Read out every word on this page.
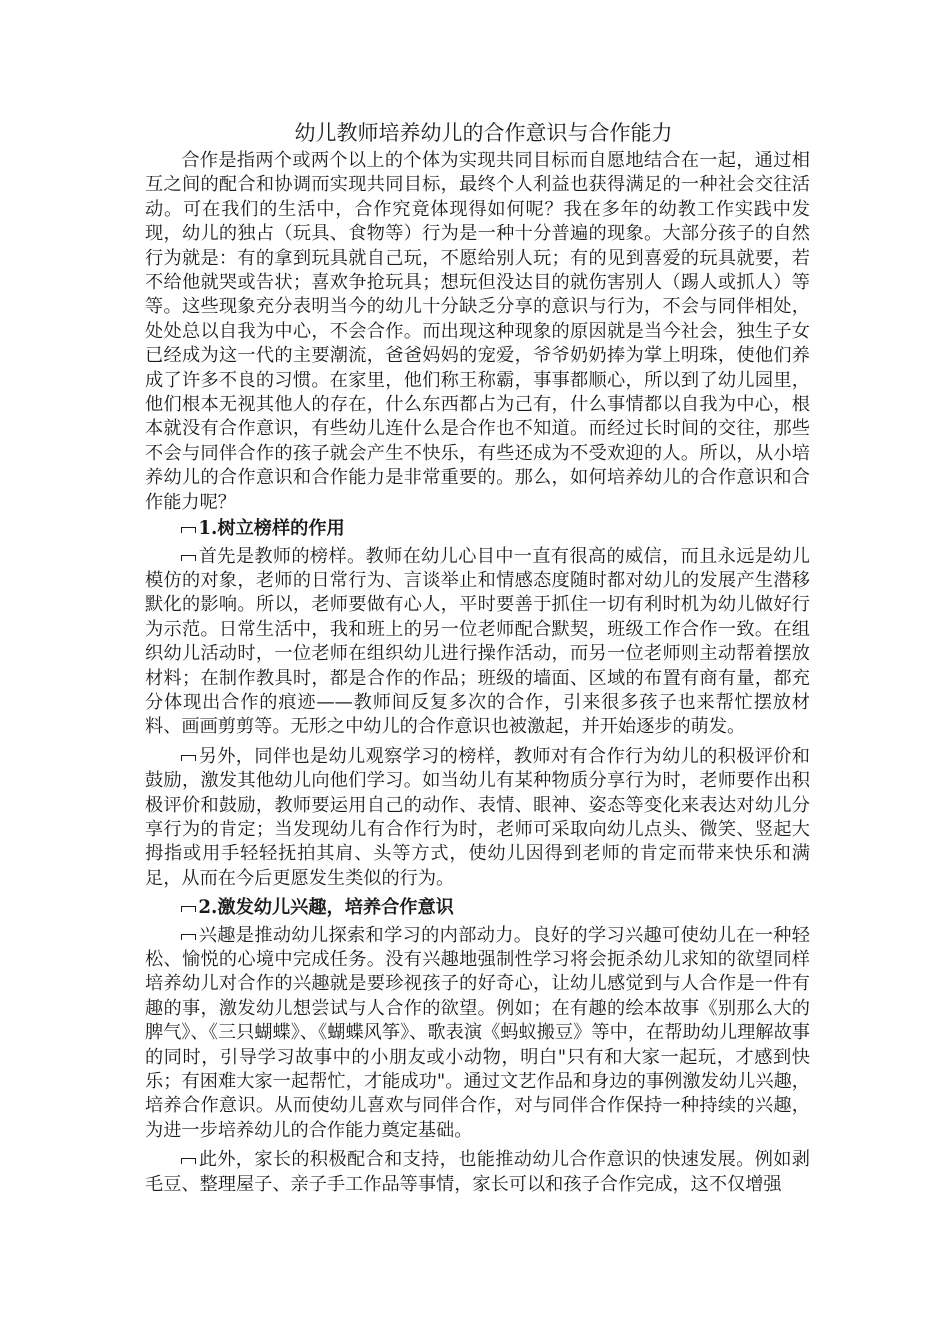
幼儿教师培养幼儿的合作意识与合作能力

合作是指两个或两个以上的个体为实现共同目标而自愿地结合在一起，通过相互之间的配合和协调而实现共同目标，最终个人利益也获得满足的一种社会交往活动。可在我们的生活中，合作究竟体现得如何呢？我在多年的幼教工作实践中发现，幼儿的独占（玩具、食物等）行为是一种十分普遍的现象。大部分孩子的自然行为就是：有的拿到玩具就自己玩，不愿给别人玩；有的见到喜爱的玩具就要，若不给他就哭或告状；喜欢争抢玩具；想玩但没达目的就伤害别人（踢人或抓人）等等。这些现象充分表明当今的幼儿十分缺乏分享的意识与行为，不会与同伴相处，处处总以自我为中心，不会合作。而出现这种现象的原因就是当今社会，独生子女已经成为这一代的主要潮流，爸爸妈妈的宠爱，爷爷奶奶捧为掌上明珠，使他们养成了许多不良的习惯。在家里，他们称王称霸，事事都顺心，所以到了幼儿园里，他们根本无视其他人的存在，什么东西都占为己有，什么事情都以自我为中心，根本就没有合作意识，有些幼儿连什么是合作也不知道。而经过长时间的交往，那些不会与同伴合作的孩子就会产生不快乐，有些还成为不受欢迎的人。所以，从小培养幼儿的合作意识和合作能力是非常重要的。那么，如何培养幼儿的合作意识和合作能力呢？

1.树立榜样的作用

首先是教师的榜样。教师在幼儿心目中一直有很高的威信，而且永远是幼儿模仿的对象，老师的日常行为、言谈举止和情感态度随时都对幼儿的发展产生潜移默化的影响。所以，老师要做有心人，平时要善于抓住一切有利时机为幼儿做好行为示范。日常生活中，我和班上的另一位老师配合默契，班级工作合作一致。在组织幼儿活动时，一位老师在组织幼儿进行操作活动，而另一位老师则主动帮着摆放材料；在制作教具时，都是合作的作品；班级的墙面、区域的布置有商有量，都充分体现出合作的痕迹——教师间反复多次的合作，引来很多孩子也来帮忙摆放材料、画画剪剪等。无形之中幼儿的合作意识也被激起，并开始逐步的萌发。

另外，同伴也是幼儿观察学习的榜样，教师对有合作行为幼儿的积极评价和鼓励，激发其他幼儿向他们学习。如当幼儿有某种物质分享行为时，老师要作出积极评价和鼓励，教师要运用自己的动作、表情、眼神、姿态等变化来表达对幼儿分享行为的肯定；当发现幼儿有合作行为时，老师可采取向幼儿点头、微笑、竖起大拇指或用手轻轻抚拍其肩、头等方式，使幼儿因得到老师的肯定而带来快乐和满足，从而在今后更愿发生类似的行为。

2.激发幼儿兴趣，培养合作意识

兴趣是推动幼儿探索和学习的内部动力。良好的学习兴趣可使幼儿在一种轻松、愉悦的心境中完成任务。没有兴趣地强制性学习将会扼杀幼儿求知的欲望同样培养幼儿对合作的兴趣就是要珍视孩子的好奇心，让幼儿感觉到与人合作是一件有趣的事，激发幼儿想尝试与人合作的欲望。例如；在有趣的绘本故事《别那么大的脾气》、《三只蝴蝶》、《蝴蝶风筝》、歌表演《蚂蚁搬豆》等中，在帮助幼儿理解故事的同时，引导学习故事中的小朋友或小动物，明白"只有和大家一起玩，才感到快乐；有困难大家一起帮忙，才能成功"。通过文艺作品和身边的事例激发幼儿兴趣，培养合作意识。从而使幼儿喜欢与同伴合作，对与同伴合作保持一种持续的兴趣，为进一步培养幼儿的合作能力奠定基础。

此外，家长的积极配合和支持，也能推动幼儿合作意识的快速发展。例如剥毛豆、整理屋子、亲子手工作品等事情，家长可以和孩子合作完成，这不仅增强
